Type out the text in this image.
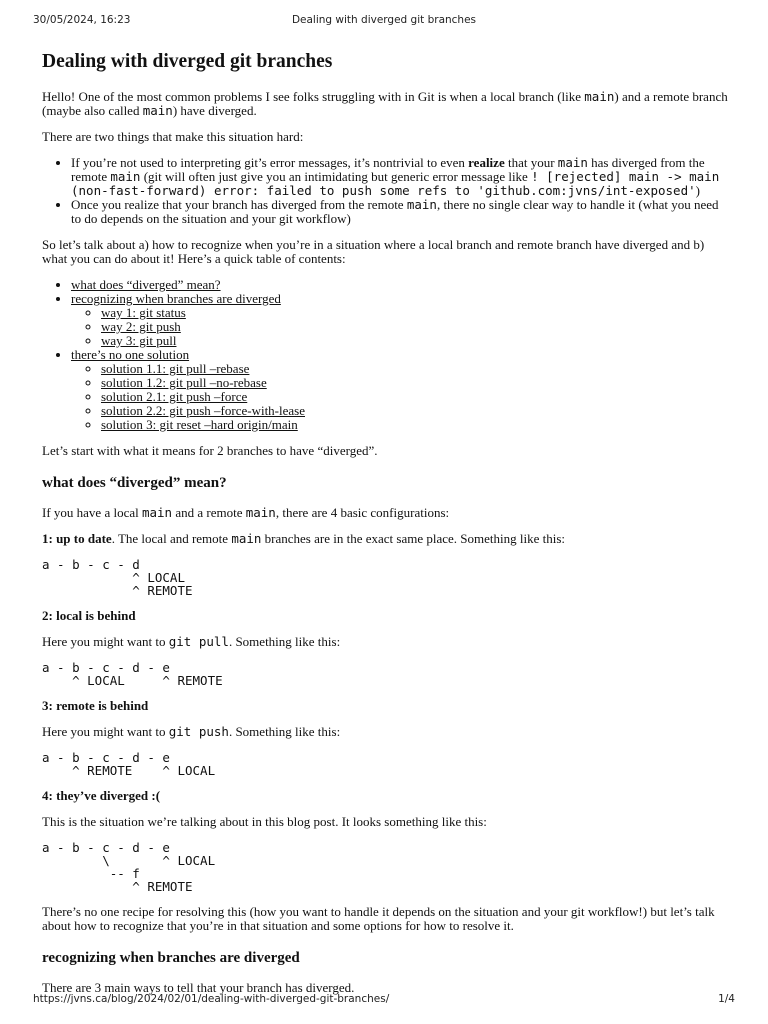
30/05/2024, 16:23	Dealing with diverged git branches
Dealing with diverged git branches

Hello! One of the most common problems I see folks struggling with in Git is when a local branch (like main) and a remote branch (maybe also called main) have diverged.

There are two things that make this situation hard:

• If you’re not used to interpreting git’s error messages, it’s nontrivial to even realize that your main has diverged from the remote main (git will often just give you an intimidating but generic error message like ! [rejected] main -> main (non-fast-forward) error: failed to push some refs to 'github.com:jvns/int-exposed')
• Once you realize that your branch has diverged from the remote main, there no single clear way to handle it (what you need to do depends on the situation and your git workflow)

So let’s talk about a) how to recognize when you’re in a situation where a local branch and remote branch have diverged and b) what you can do about it! Here’s a quick table of contents:

• what does “diverged” mean?
• recognizing when branches are diverged
◦ way 1: git status
◦ way 2: git push
◦ way 3: git pull
• there’s no one solution
◦ solution 1.1: git pull –rebase
◦ solution 1.2: git pull –no-rebase
◦ solution 2.1: git push –force
◦ solution 2.2: git push –force-with-lease
◦ solution 3: git reset –hard origin/main

Let’s start with what it means for 2 branches to have “diverged”.

what does “diverged” mean?

If you have a local main and a remote main, there are 4 basic configurations:

1: up to date. The local and remote main branches are in the exact same place. Something like this:

a - b - c - d
^ LOCAL
^ REMOTE

2: local is behind

Here you might want to git pull. Something like this:

a - b - c - d - e
^ LOCAL     ^ REMOTE

3: remote is behind

Here you might want to git push. Something like this:

a - b - c - d - e
^ REMOTE    ^ LOCAL

4: they’ve diverged :(

This is the situation we’re talking about in this blog post. It looks something like this:

a - b - c - d - e
\       ^ LOCAL
-- f
^ REMOTE

There’s no one recipe for resolving this (how you want to handle it depends on the situation and your git workflow!) but let’s talk about how to recognize that you’re in that situation and some options for how to resolve it.

recognizing when branches are diverged

There are 3 main ways to tell that your branch has diverged.

https://jvns.ca/blog/2024/02/01/dealing-with-diverged-git-branches/	1/4
